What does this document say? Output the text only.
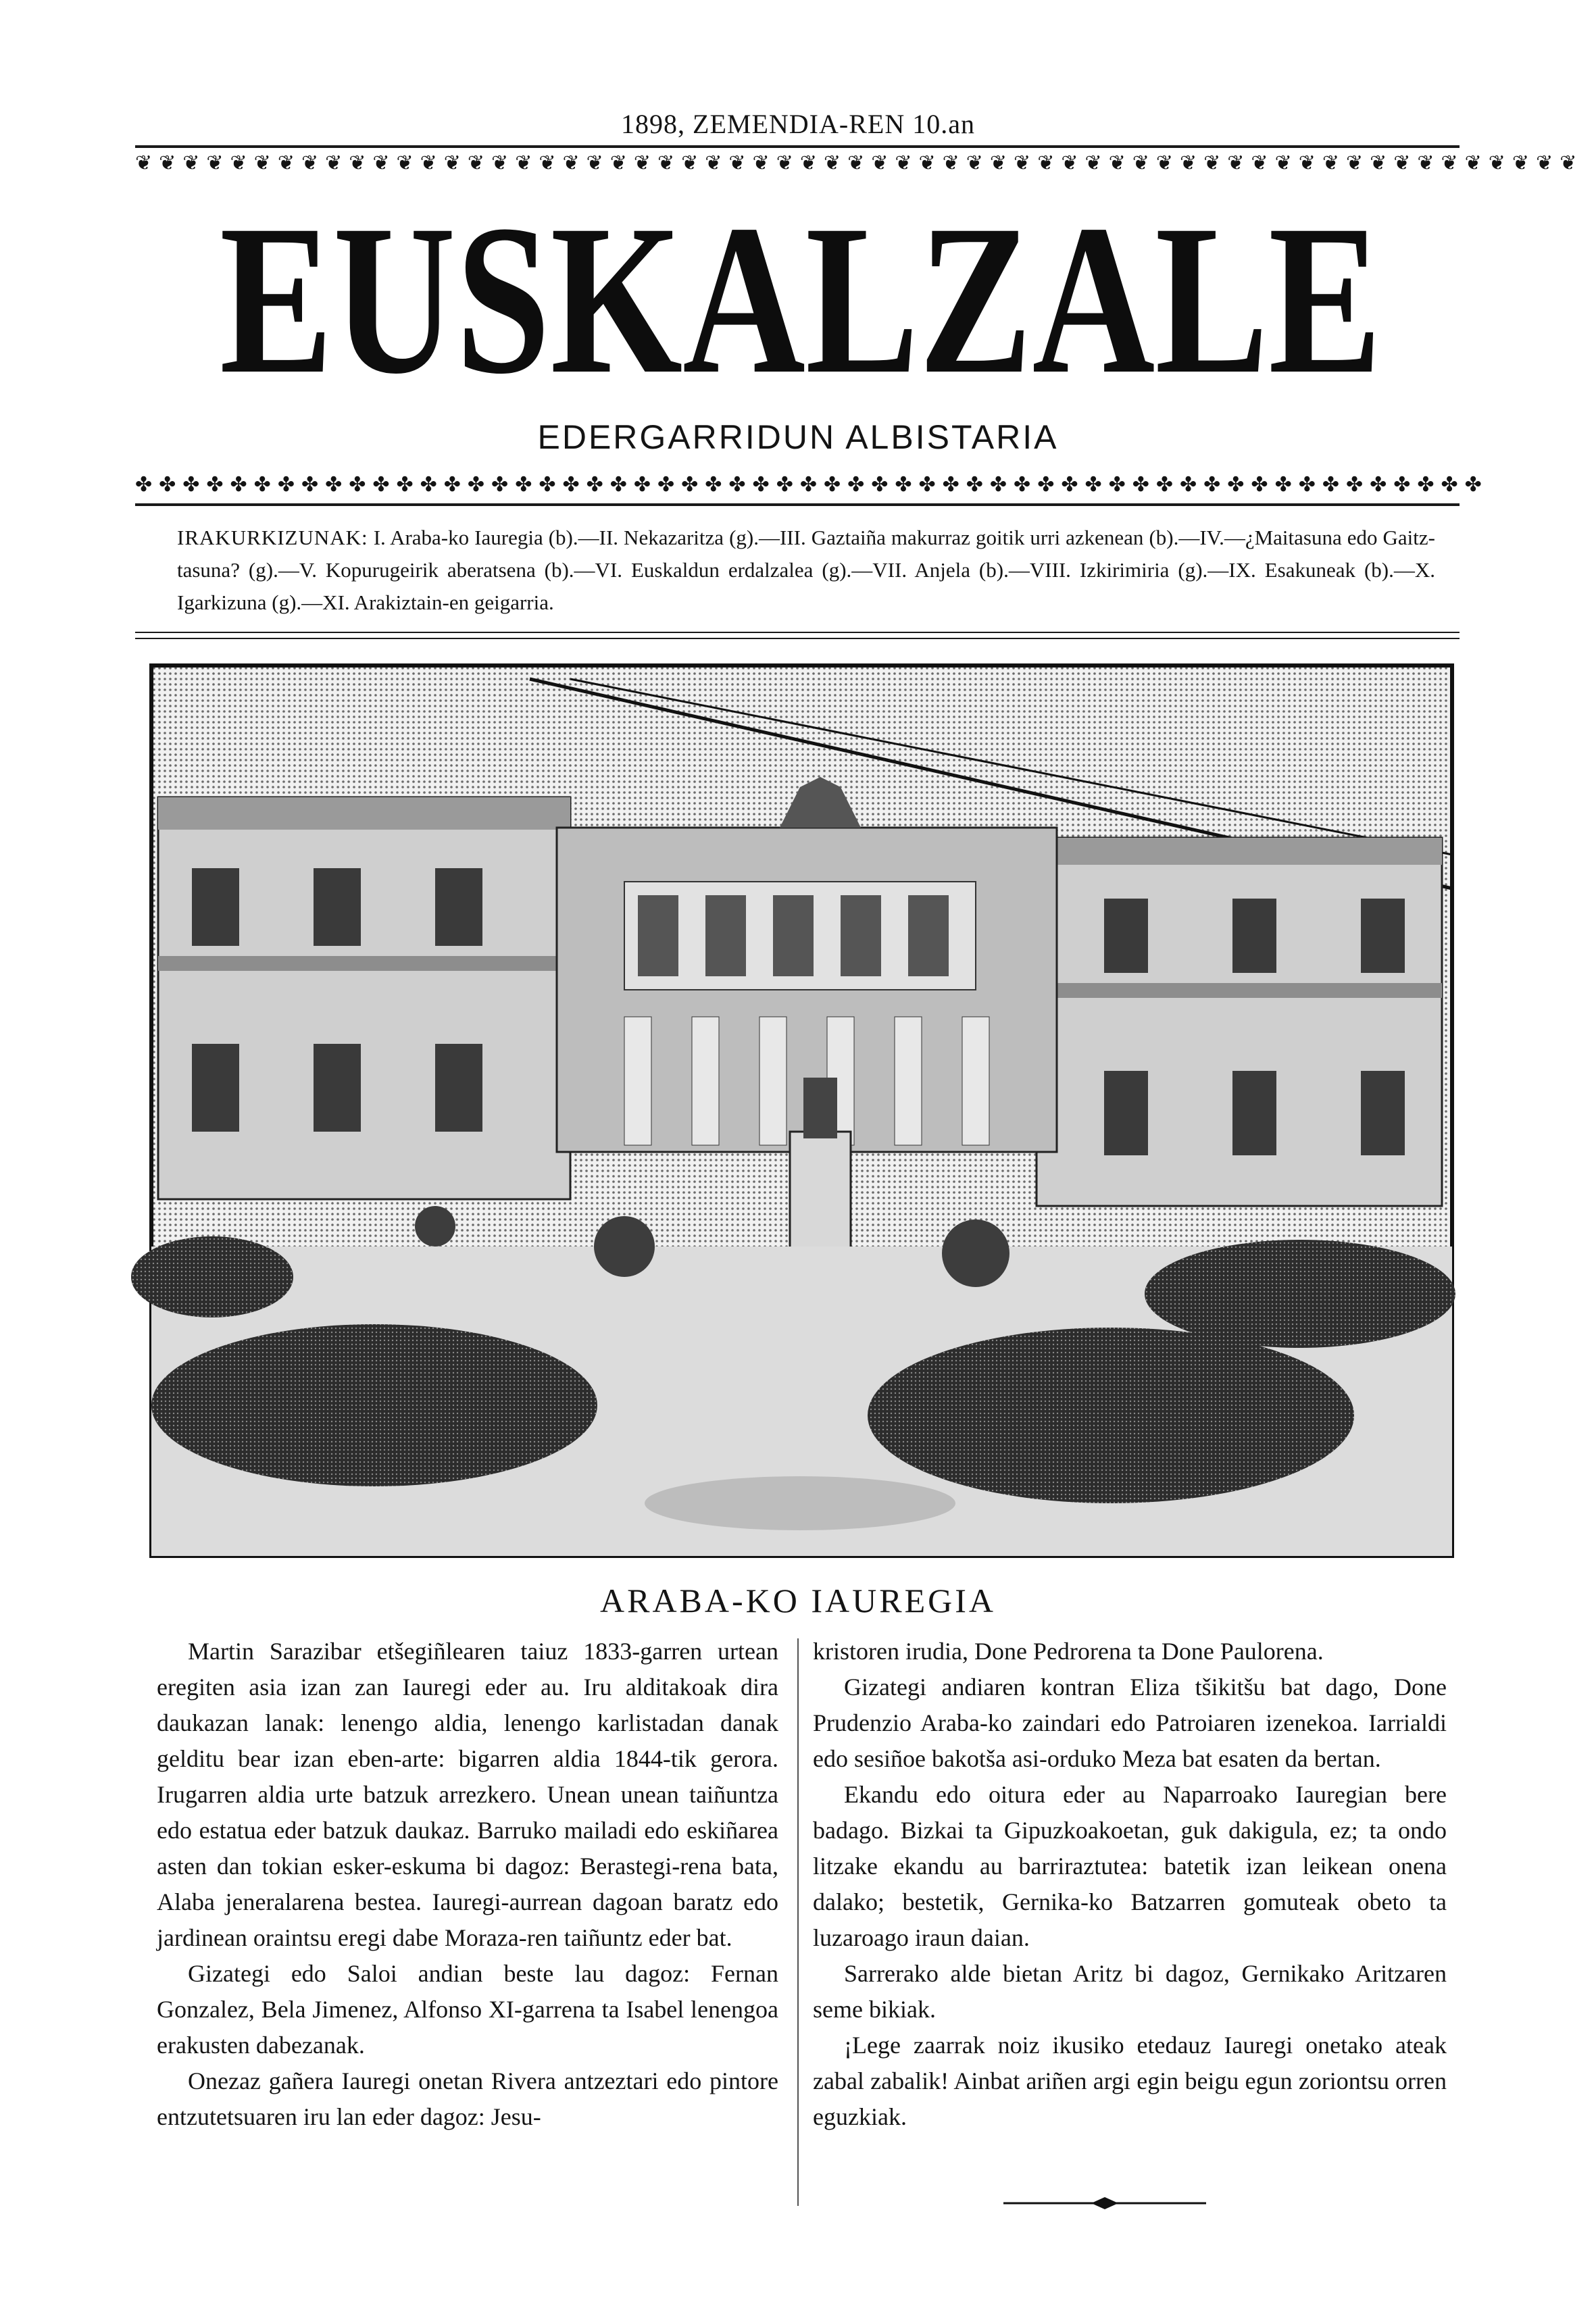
1898, ZEMENDIA-REN 10.an
❦❦❦❦❦❦❦❦❦❦❦❦❦❦❦❦❦❦❦❦❦❦❦❦❦❦❦❦❦❦❦❦❦❦❦❦❦❦❦❦❦❦❦❦❦❦❦❦❦❦❦❦❦❦❦❦❦❦❦❦❦
EUSKALZALE
EDERGARRIDUN ALBISTARIA
✤✤✤✤✤✤✤✤✤✤✤✤✤✤✤✤✤✤✤✤✤✤✤✤✤✤✤✤✤✤✤✤✤✤✤✤✤✤✤✤✤✤✤✤✤✤✤✤✤✤✤✤✤✤✤✤✤
IRAKURKIZUNAK: I. Araba-ko Iauregia (b).—II. Nekazaritza (g).—III. Gaztaiña makurraz goitik urri azkenean (b).—IV.—¿Maitasuna edo Gaitz-tasuna? (g).—V. Kopurugeirik aberatsena (b).—VI. Euskaldun erdalzalea (g).—VII. Anjela (b).—VIII. Izkirimiria (g).—IX. Esakuneak (b).—X. Igarkizuna (g).—XI. Arakiztain-en geigarria.
ARABA-KO IAUREGIA

Martin Sarazibar etšegiñlearen taiuz 1833-garren urtean eregiten asia izan zan Iauregi eder au. Iru alditakoak dira daukazan lanak: lenengo aldia, lenengo karlistadan danak gelditu bear izan eben-arte: bigarren aldia 1844-tik gerora. Irugarren aldia urte batzuk arrezkero. Unean unean taiñuntza edo estatua eder batzuk daukaz. Barruko mailadi edo eskiñarea asten dan tokian esker-eskuma bi dagoz: Berastegi-rena bata, Alaba jeneralarena bestea. Iauregi-aurrean dagoan baratz edo jardinean oraintsu eregi dabe Moraza-ren taiñuntz eder bat.

Gizategi edo Saloi andian beste lau dagoz: Fernan Gonzalez, Bela Jimenez, Alfonso XI-garrena ta Isabel lenengoa erakusten dabezanak.

Onezaz gañera Iauregi onetan Rivera antzeztari edo pintore entzutetsuaren iru lan eder dagoz: Jesu-

kristoren irudia, Done Pedrorena ta Done Paulorena.

Gizategi andiaren kontran Eliza tšikitšu bat dago, Done Prudenzio Araba-ko zaindari edo Patroiaren izenekoa. Iarrialdi edo sesiñoe bakotša asi-orduko Meza bat esaten da bertan.

Ekandu edo oitura eder au Naparroako Iauregian bere badago. Bizkai ta Gipuzkoakoetan, guk dakigula, ez; ta ondo litzake ekandu au barriraztutea: batetik izan leikean onena dalako; bestetik, Gernika-ko Batzarren gomuteak obeto ta luzaroago iraun daian.

Sarrerako alde bietan Aritz bi dagoz, Gernikako Aritzaren seme bikiak.

¡Lege zaarrak noiz ikusiko etedauz Iauregi onetako ateak zabal zabalik! Ainbat ariñen argi egin beigu egun zoriontsu orren eguzkiak.
